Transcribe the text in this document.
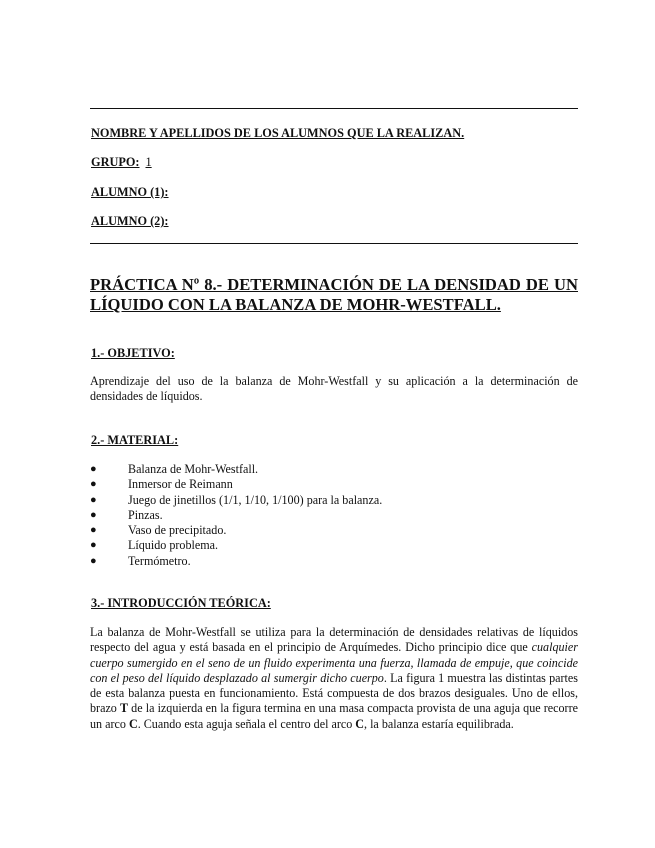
NOMBRE Y APELLIDOS DE LOS ALUMNOS QUE LA REALIZAN.
GRUPO: 1
ALUMNO (1):
ALUMNO (2):
PRÁCTICA Nº 8.- DETERMINACIÓN DE LA DENSIDAD DE UN LÍQUIDO CON LA BALANZA DE MOHR-WESTFALL.
1.- OBJETIVO:

Aprendizaje del uso de la balanza de Mohr-Westfall y su aplicación a la determinación de densidades de líquidos.

2.- MATERIAL:
●	Balanza de Mohr-Westfall.
●	Inmersor de Reimann
●	Juego de jinetillos (1/1, 1/10, 1/100) para la balanza.
●	Pinzas.
●	Vaso de precipitado.
●	Líquido problema.
●	Termómetro.
3.- INTRODUCCIÓN TEÓRICA:

La balanza de Mohr-Westfall se utiliza para la determinación de densidades relativas de líquidos respecto del agua y está basada en el principio de Arquímedes. Dicho principio dice que cualquier cuerpo sumergido en el seno de un fluido experimenta una fuerza, llamada de empuje, que coincide con el peso del líquido desplazado al sumergir dicho cuerpo. La figura 1 muestra las distintas partes de esta balanza puesta en funcionamiento. Está compuesta de dos brazos desiguales. Uno de ellos, brazo T de la izquierda en la figura termina en una masa compacta provista de una aguja que recorre un arco C. Cuando esta aguja señala el centro del arco C, la balanza estaría equilibrada.
